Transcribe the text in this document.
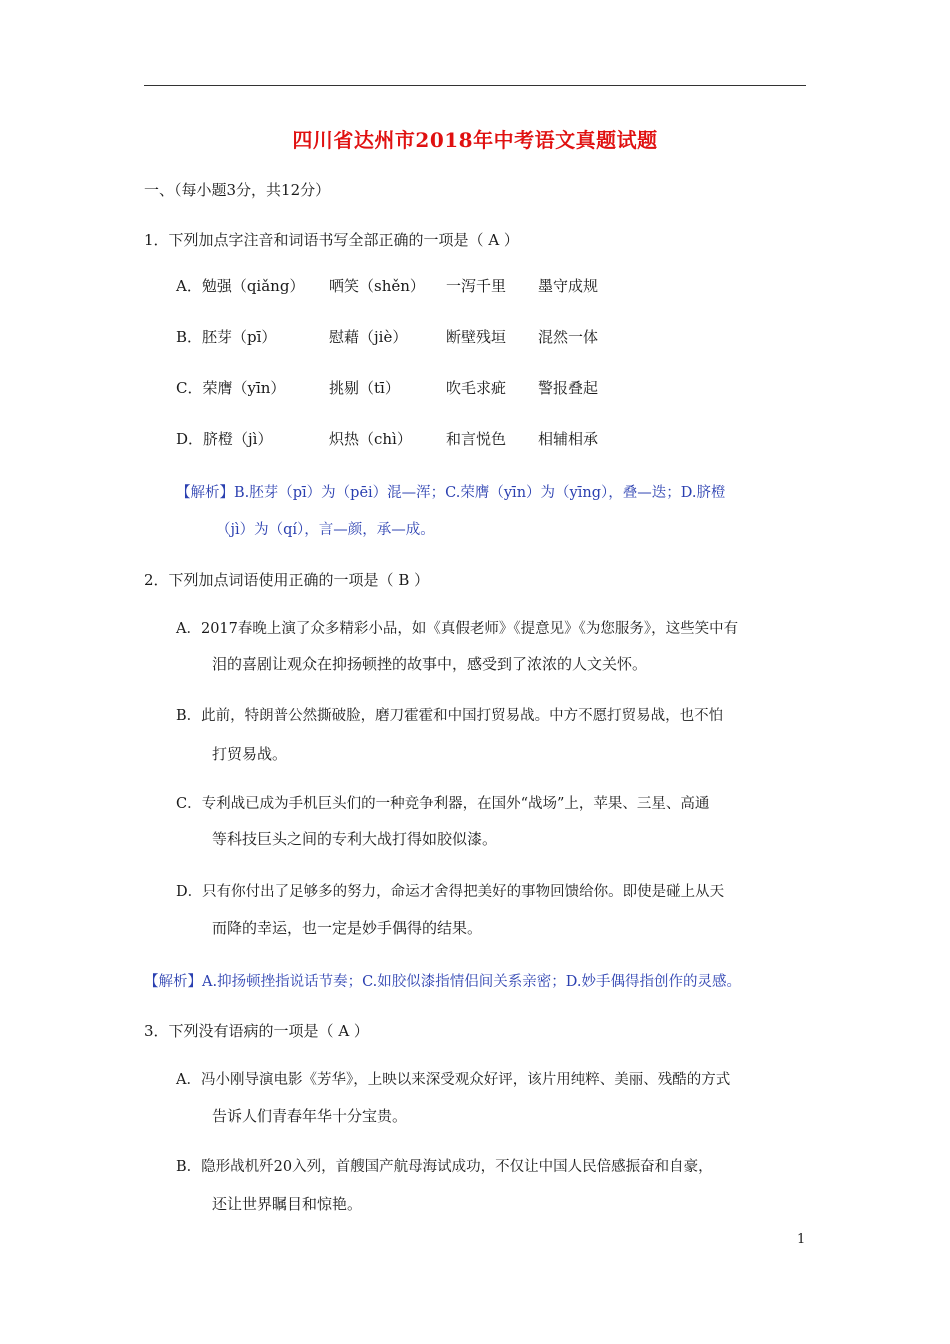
四川省达州市2018年中考语文真题试题
一、（每小题3分，共12分）
1．下列加点字注音和词语书写全部正确的一项是（ A ）
A．勉强（qiǎng） 哂笑（shěn） 一泻千里 墨守成规
B．胚芽（pī）	慰藉（jiè）	断壁残垣 混然一体
C．荣膺（yīn）	挑剔（tī）	吹毛求疵 警报叠起
D．脐橙（jì）	炽热（chì） 和言悦色 相辅相承
【解析】B.胚芽（pī）为（pēi）混—浑；C.荣膺（yīn）为（yīng），叠—迭；D.脐橙
（jì）为（qí），言—颜，承—成。
2．下列加点词语使用正确的一项是（ B ）
A．2017春晚上演了众多精彩小品，如《真假老师》《提意见》《为您服务》，这些笑中有
泪的喜剧让观众在抑扬顿挫的故事中，感受到了浓浓的人文关怀。
B．此前，特朗普公然撕破脸，磨刀霍霍和中国打贸易战。中方不愿打贸易战，也不怕
打贸易战。
C．专利战已成为手机巨头们的一种竞争利器，在国外“战场”上，苹果、三星、高通
等科技巨头之间的专利大战打得如胶似漆。
D．只有你付出了足够多的努力，命运才舍得把美好的事物回馈给你。即使是碰上从天
而降的幸运，也一定是妙手偶得的结果。
【解析】A.抑扬顿挫指说话节奏；C.如胶似漆指情侣间关系亲密；D.妙手偶得指创作的灵感。
3．下列没有语病的一项是（ A ）
A．冯小刚导演电影《芳华》，上映以来深受观众好评，该片用纯粹、美丽、残酷的方式
告诉人们青春年华十分宝贵。
B．隐形战机歼20入列，首艘国产航母海试成功，不仅让中国人民倍感振奋和自豪，
还让世界瞩目和惊艳。
1
